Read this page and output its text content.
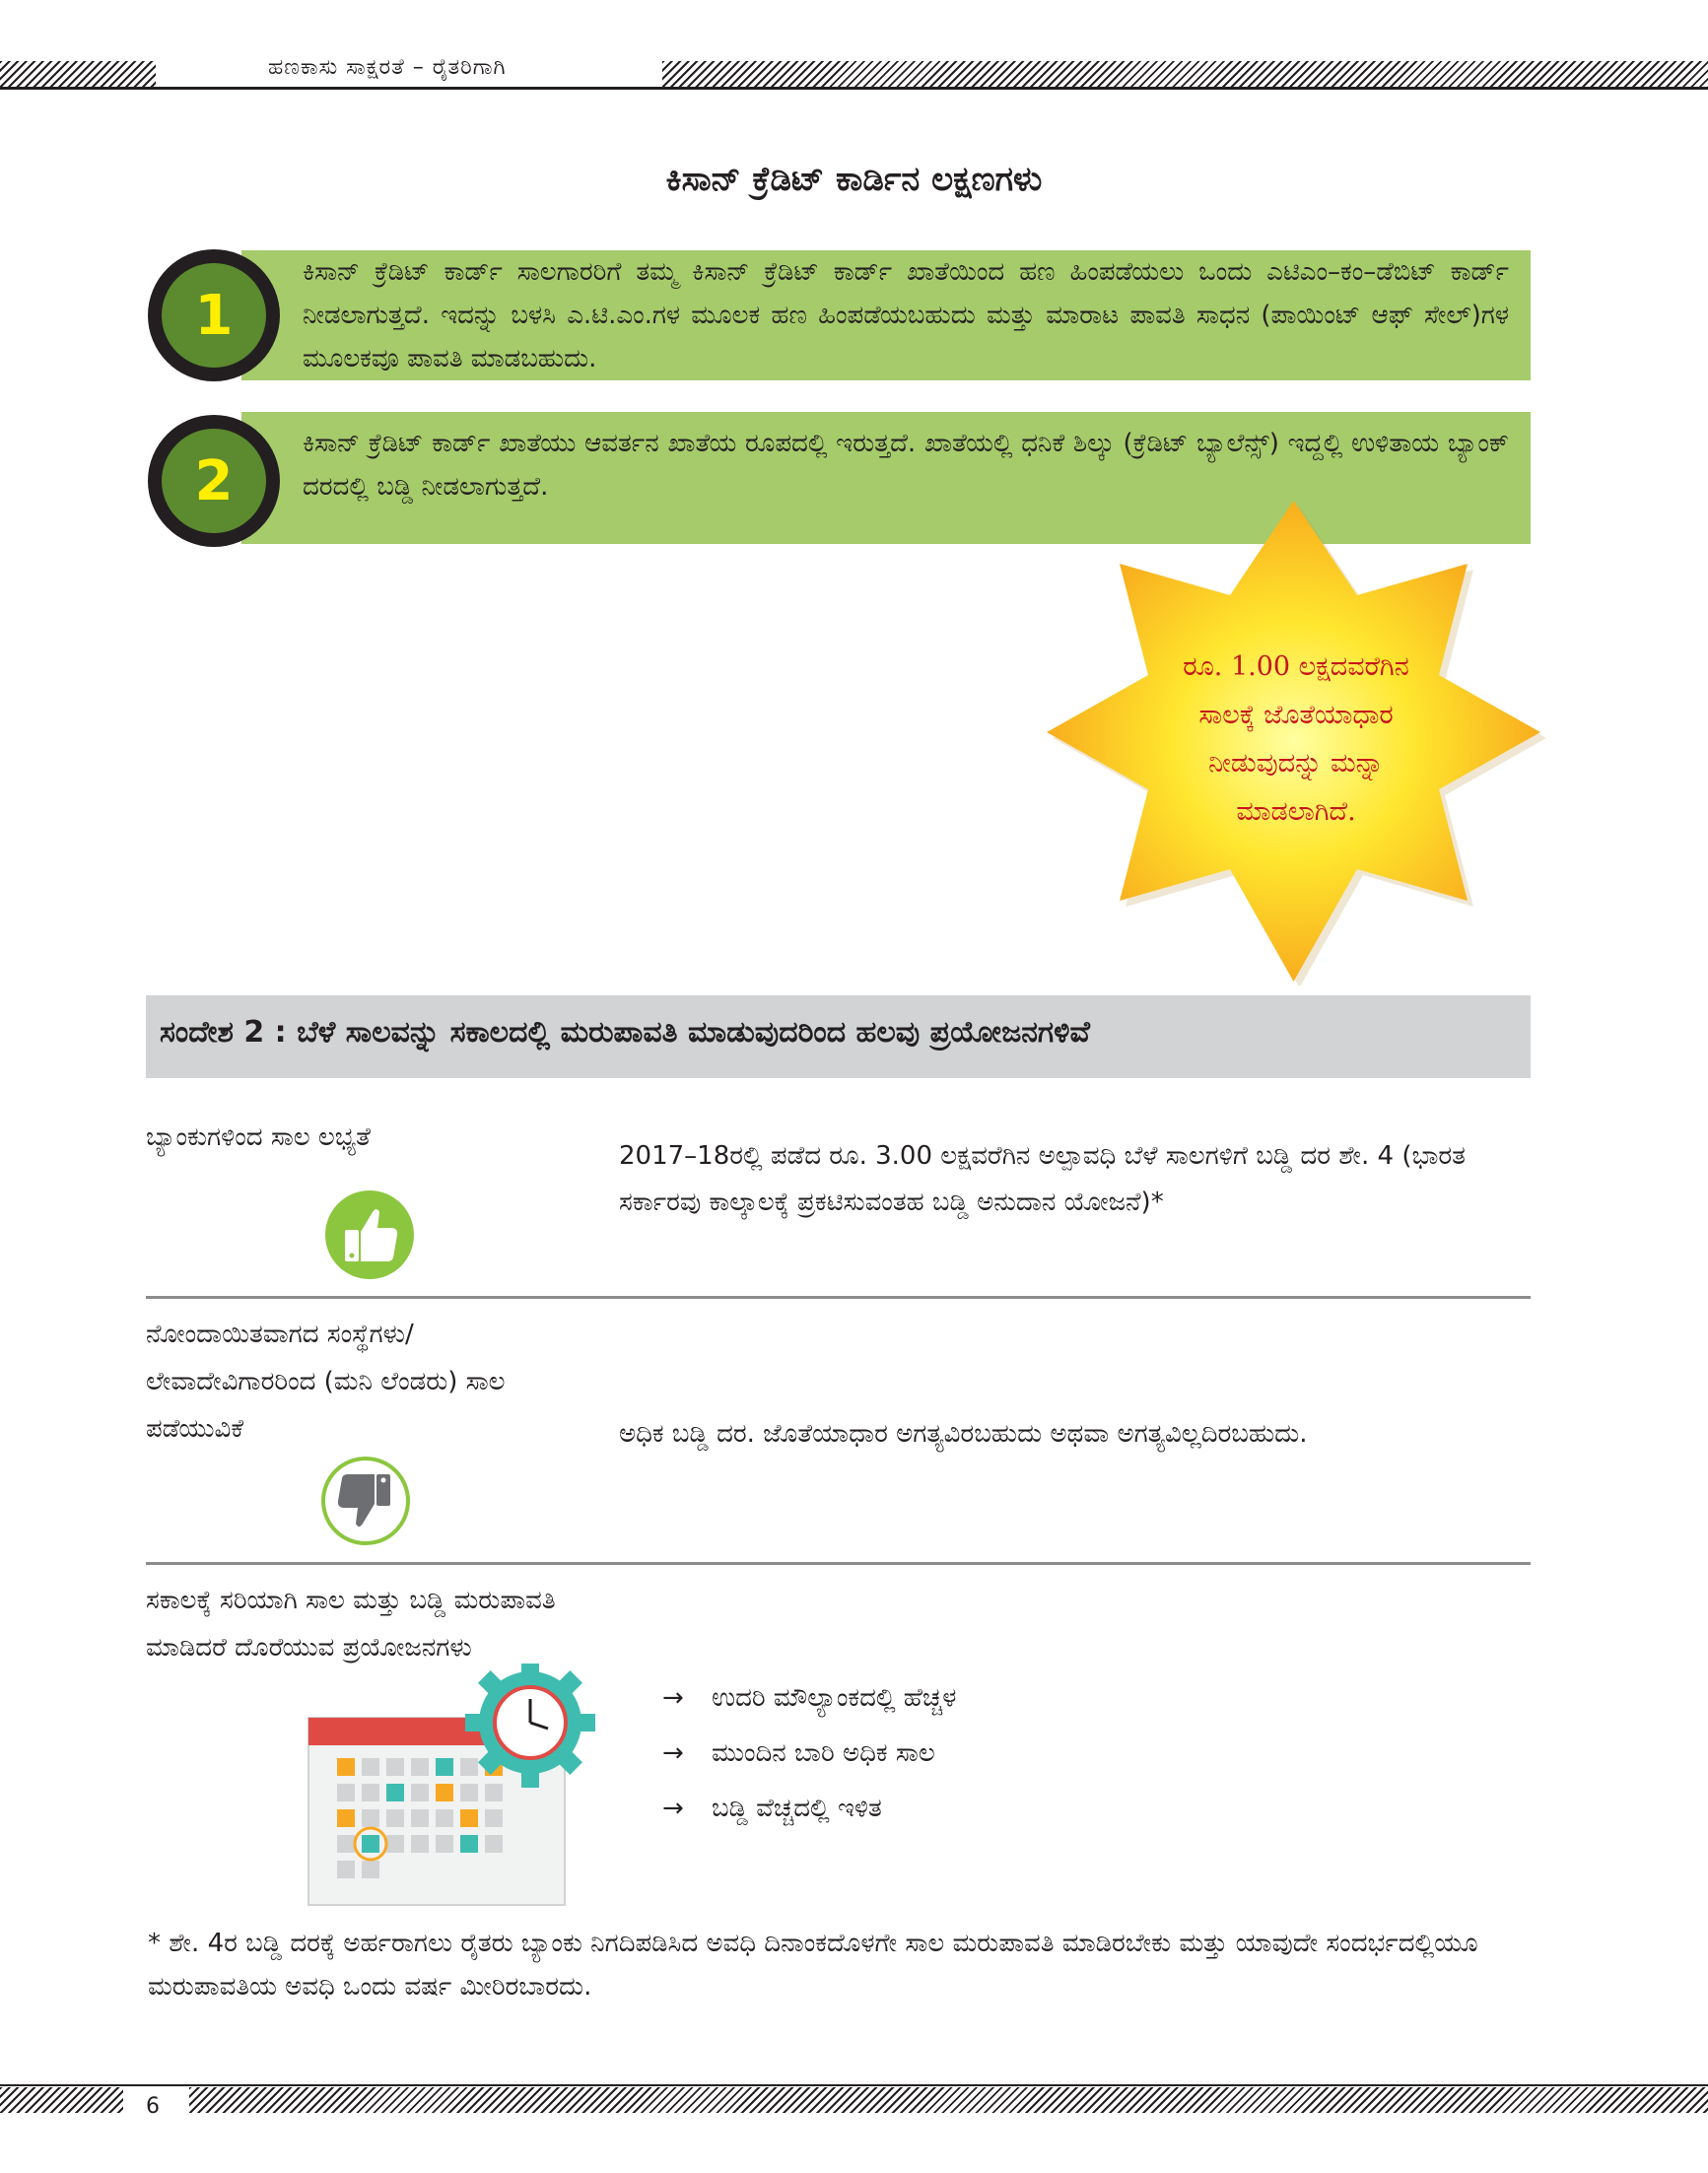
ಹಣಕಾಸು ಸಾಕ್ಷರತೆ – ರೈತರಿಗಾಗಿ
ಕಿಸಾನ್ ಕ್ರೆಡಿಟ್ ಕಾರ್ಡಿನ ಲಕ್ಷಣಗಳು
ಕಿಸಾನ್ ಕ್ರೆಡಿಟ್ ಕಾರ್ಡ್ ಸಾಲಗಾರರಿಗೆ ತಮ್ಮ ಕಿಸಾನ್ ಕ್ರೆಡಿಟ್ ಕಾರ್ಡ್ ಖಾತೆಯಿಂದ ಹಣ ಹಿಂಪಡೆಯಲು ಒಂದು ಎಟಿಎಂ–ಕಂ–ಡೆಬಿಟ್ ಕಾರ್ಡ್ ನೀಡಲಾಗುತ್ತದೆ. ಇದನ್ನು ಬಳಸಿ ಎ.ಟಿ.ಎಂ.ಗಳ ಮೂಲಕ ಹಣ ಹಿಂಪಡೆಯಬಹುದು ಮತ್ತು ಮಾರಾಟ ಪಾವತಿ ಸಾಧನ (ಪಾಯಿಂಟ್ ಆಫ್ ಸೇಲ್)ಗಳ ಮೂಲಕವೂ ಪಾವತಿ ಮಾಡಬಹುದು.
1
ಕಿಸಾನ್ ಕ್ರೆಡಿಟ್ ಕಾರ್ಡ್ ಖಾತೆಯು ಆವರ್ತನ ಖಾತೆಯ ರೂಪದಲ್ಲಿ ಇರುತ್ತದೆ. ಖಾತೆಯಲ್ಲಿ ಧನಿಕೆ ಶಿಲ್ಕು (ಕ್ರೆಡಿಟ್ ಬ್ಯಾಲೆನ್ಸ್) ಇದ್ದಲ್ಲಿ ಉಳಿತಾಯ ಬ್ಯಾಂಕ್ ದರದಲ್ಲಿ ಬಡ್ಡಿ ನೀಡಲಾಗುತ್ತದೆ.
2
ರೂ. 1.00 ಲಕ್ಷದವರೆಗಿನ
ಸಾಲಕ್ಕೆ ಜೊತೆಯಾಧಾರ
ನೀಡುವುದನ್ನು ಮನ್ನಾ
ಮಾಡಲಾಗಿದೆ.
ಸಂದೇಶ 2 : ಬೆಳೆ ಸಾಲವನ್ನು ಸಕಾಲದಲ್ಲಿ ಮರುಪಾವತಿ ಮಾಡುವುದರಿಂದ ಹಲವು ಪ್ರಯೋಜನಗಳಿವೆ
ಬ್ಯಾಂಕುಗಳಿಂದ ಸಾಲ ಲಭ್ಯತೆ
2017–18ರಲ್ಲಿ ಪಡೆದ ರೂ. 3.00 ಲಕ್ಷವರೆಗಿನ ಅಲ್ಪಾವಧಿ ಬೆಳೆ ಸಾಲಗಳಿಗೆ ಬಡ್ಡಿ ದರ ಶೇ. 4 (ಭಾರತ ಸರ್ಕಾರವು ಕಾಲ್ಕಾಲಕ್ಕೆ ಪ್ರಕಟಿಸುವಂತಹ ಬಡ್ಡಿ ಅನುದಾನ ಯೋಜನೆ)*
ನೋಂದಾಯಿತವಾಗದ ಸಂಸ್ಥೆಗಳು/ ಲೇವಾದೇವಿಗಾರರಿಂದ (ಮನಿ ಲೆಂಡರು) ಸಾಲ ಪಡೆಯುವಿಕೆ	ಅಧಿಕ ಬಡ್ಡಿ ದರ. ಜೊತೆಯಾಧಾರ ಅಗತ್ಯವಿರಬಹುದು ಅಥವಾ ಅಗತ್ಯವಿಲ್ಲದಿರಬಹುದು.
ಸಕಾಲಕ್ಕೆ ಸರಿಯಾಗಿ ಸಾಲ ಮತ್ತು ಬಡ್ಡಿ ಮರುಪಾವತಿ ಮಾಡಿದರೆ ದೊರೆಯುವ ಪ್ರಯೋಜನಗಳು
→ ಉದರಿ ಮೌಲ್ಯಾಂಕದಲ್ಲಿ ಹೆಚ್ಚಳ
→ ಮುಂದಿನ ಬಾರಿ ಅಧಿಕ ಸಾಲ
→ ಬಡ್ಡಿ ವೆಚ್ಚದಲ್ಲಿ ಇಳಿತ
* ಶೇ. 4ರ ಬಡ್ಡಿ ದರಕ್ಕೆ ಅರ್ಹರಾಗಲು ರೈತರು ಬ್ಯಾಂಕು ನಿಗದಿಪಡಿಸಿದ ಅವಧಿ ದಿನಾಂಕದೊಳಗೇ ಸಾಲ ಮರುಪಾವತಿ ಮಾಡಿರಬೇಕು ಮತ್ತು ಯಾವುದೇ ಸಂದರ್ಭದಲ್ಲಿಯೂ ಮರುಪಾವತಿಯ ಅವಧಿ ಒಂದು ವರ್ಷ ಮೀರಿರಬಾರದು.
6
